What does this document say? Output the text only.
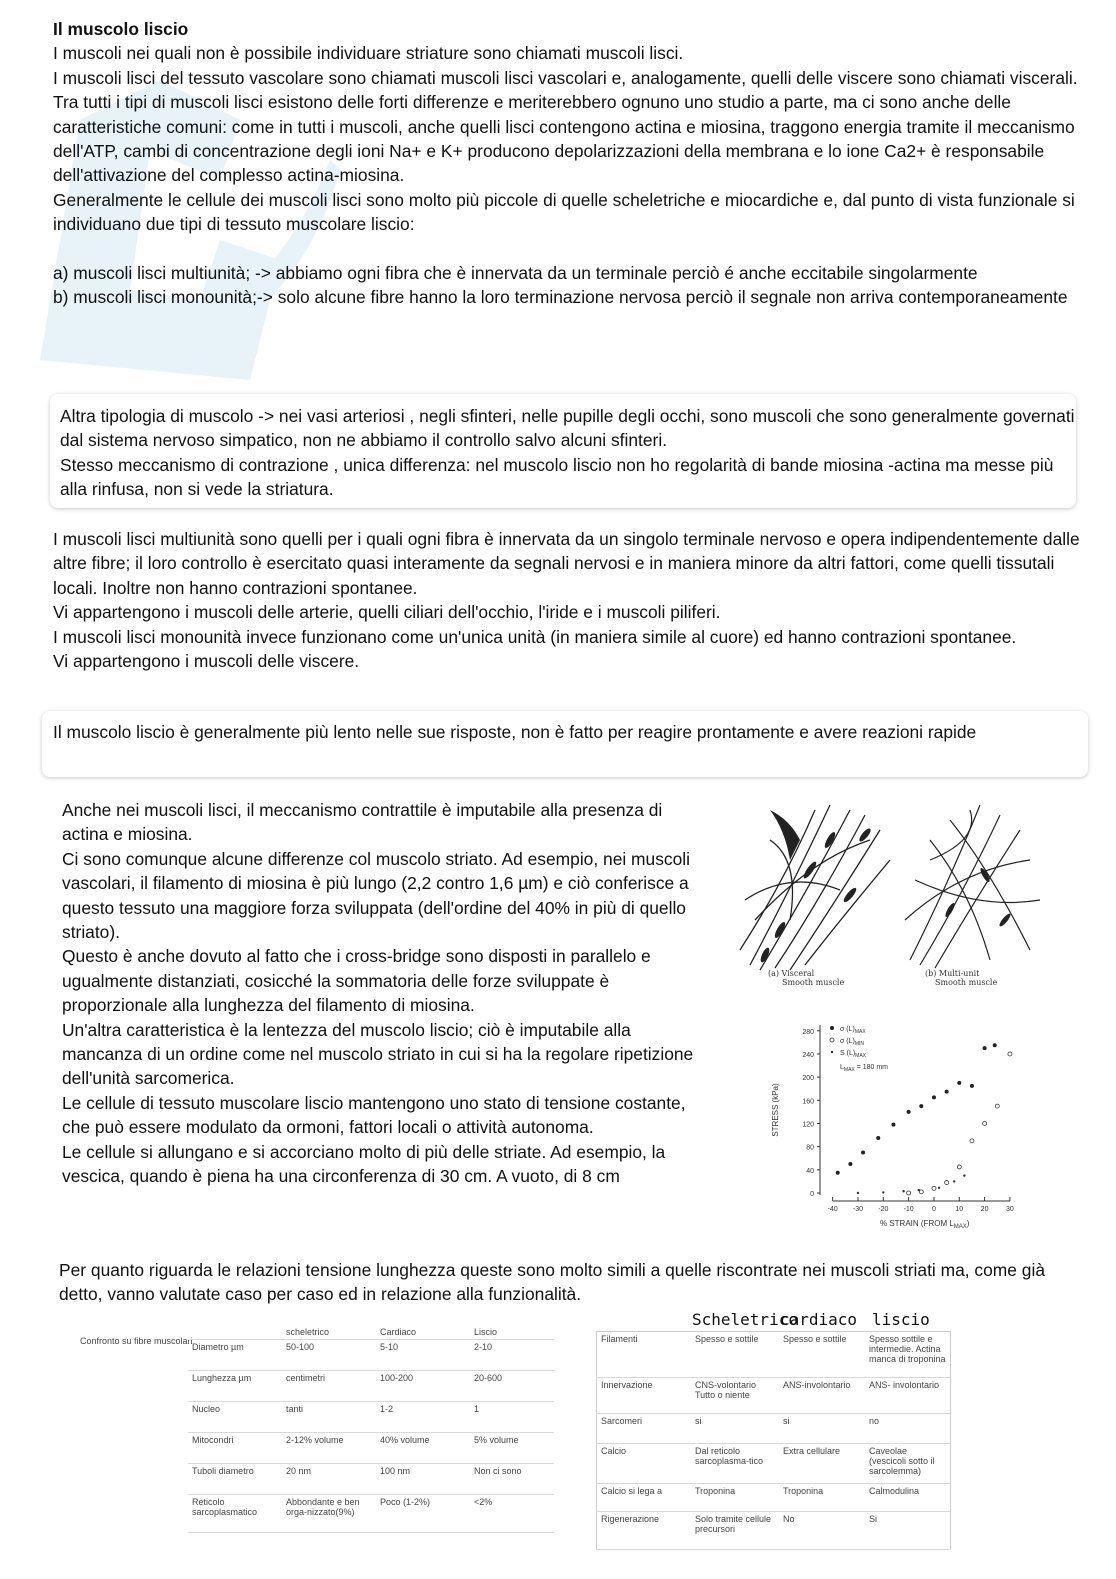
Il muscolo liscio

I muscoli nei quali non è possibile individuare striature sono chiamati muscoli lisci.

I muscoli lisci del tessuto vascolare sono chiamati muscoli lisci vascolari e, analogamente, quelli delle viscere sono chiamati viscerali.

Tra tutti i tipi di muscoli lisci esistono delle forti differenze e meriterebbero ognuno uno studio a parte, ma ci sono anche delle caratteristiche comuni: come in tutti i muscoli, anche quelli lisci contengono actina e miosina, traggono energia tramite il meccanismo dell'ATP, cambi di concentrazione degli ioni Na+ e K+ producono depolarizzazioni della membrana e lo ione Ca2+ è responsabile dell'attivazione del complesso actina-miosina.

Generalmente le cellule dei muscoli lisci sono molto più piccole di quelle scheletriche e miocardiche e, dal punto di vista funzionale si individuano due tipi di tessuto muscolare liscio:

a) muscoli lisci multiunità; -> abbiamo ogni fibra che è innervata da un terminale perciò é anche eccitabile singolarmente

b) muscoli lisci monounità;-> solo alcune fibre hanno la loro terminazione nervosa perciò il segnale non arriva contemporaneamente

Altra tipologia di muscolo -> nei vasi arteriosi , negli sfinteri, nelle pupille degli occhi, sono muscoli che sono generalmente governati dal sistema nervoso simpatico, non ne abbiamo il controllo salvo alcuni sfinteri.

Stesso meccanismo di contrazione , unica differenza: nel muscolo liscio non ho regolarità di bande miosina -actina ma messe più alla rinfusa, non si vede la striatura.

I muscoli lisci multiunità sono quelli per i quali ogni fibra è innervata da un singolo terminale nervoso e opera indipendentemente dalle altre fibre; il loro controllo è esercitato quasi interamente da segnali nervosi e in maniera minore da altri fattori, come quelli tissutali locali. Inoltre non hanno contrazioni spontanee.

Vi appartengono i muscoli delle arterie, quelli ciliari dell'occhio, l'iride e i muscoli piliferi.

I muscoli lisci monounità invece funzionano come un'unica unità (in maniera simile al cuore) ed hanno contrazioni spontanee.

Vi appartengono i muscoli delle viscere.

Il muscolo liscio è generalmente più lento nelle sue risposte, non è fatto per reagire prontamente e avere reazioni rapide

Anche nei muscoli lisci, il meccanismo contrattile è imputabile alla presenza di actina e miosina.

Ci sono comunque alcune differenze col muscolo striato. Ad esempio, nei muscoli vascolari, il filamento di miosina è più lungo (2,2 contro 1,6 µm) e ciò conferisce a questo tessuto una maggiore forza sviluppata (dell'ordine del 40% in più di quello striato).

Questo è anche dovuto al fatto che i cross-bridge sono disposti in parallelo e ugualmente distanziati, cosicché la sommatoria delle forze sviluppate è proporzionale alla lunghezza del filamento di miosina.

Un'altra caratteristica è la lentezza del muscolo liscio; ciò è imputabile alla mancanza di un ordine come nel muscolo striato in cui si ha la regolare ripetizione dell'unità sarcomerica.

Le cellule di tessuto muscolare liscio mantengono uno stato di tensione costante, che può essere modulato da ormoni, fattori locali o attività autonoma.

Le cellule si allungano e si accorciano molto di più delle striate. Ad esempio, la vescica, quando è piena ha una circonferenza di 30 cm. A vuoto, di 8 cm

(a) Visceral
Smooth muscle
(b) Multi-unit
Smooth muscle
0
40
80
120
160
200
240
280
-40 -30 -20 -10	0	10	20	30
σ $(L)_{MAX}$
σ $(L)_{MIN}$
S $(L)_{MAX}$
$L_{MAX} = 180$ mm
STRESS (kPa)
% STRAIN (FROM $L_{MAX}$)

Per quanto riguarda le relazioni tensione lunghezza queste sono molto simili a quelle riscontrate nei muscoli striati ma, come già detto, vanno valutate caso per caso ed in relazione alla funzionalità.

Confronto su fibre muscolari
	scheletrico	Cardiaco	Liscio
Diametro µm	50-100	5-10	2-10
Lunghezza µm	centimetri	100-200	20-600
Nucleo	tanti	1-2	1
Mitocondri	2-12% volume	40% volume	5% volume
Tuboli diametro	20 nm	100 nm	Non ci sono
Reticolo sarcoplasmatico	Abbondante e ben orga-nizzato(9%)	Poco (1-2%)	<2%
Scheletrico
cardiaco liscio
Filamenti	Spesso e sottile	Spesso e sottile	Spesso sottile e intermedie. Actina manca di troponina
Innervazione	CNS-volontario Tutto o niente	ANS-involontario	ANS- involontario
Sarcomeri	si	si	no
Calcio	Dal reticolo sarcoplasma-tico	Extra cellulare	Caveolae (vescicoli sotto il sarcolemma)
Calcio si lega a	Troponina	Troponina	Calmodulina
Rigenerazione	Solo tramite cellule precursori	No	Si
